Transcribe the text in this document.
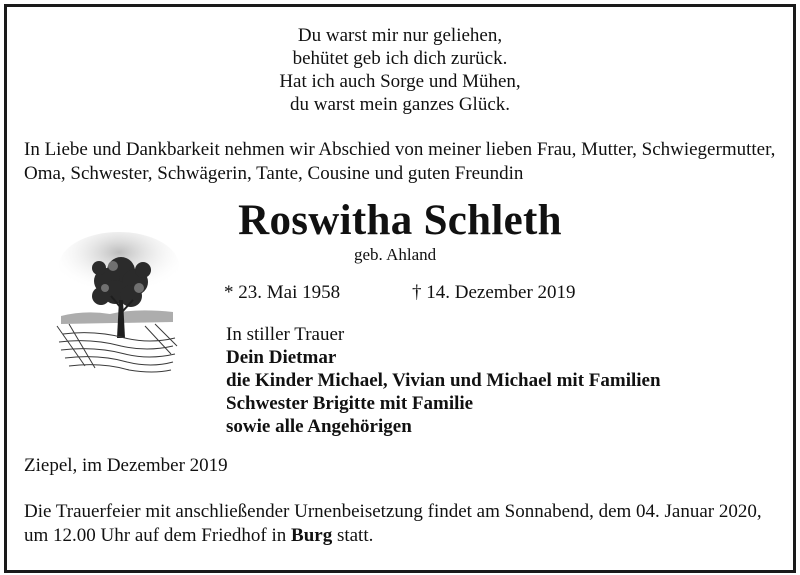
Du warst mir nur geliehen,
behütet geb ich dich zurück.
Hat ich auch Sorge und Mühen,
du warst mein ganzes Glück.
In Liebe und Dankbarkeit nehmen wir Abschied von meiner lieben Frau, Mutter, Schwiegermutter,
Oma, Schwester, Schwägerin, Tante, Cousine und guten Freundin
Roswitha Schleth
geb. Ahland
* 23. Mai 1958	† 14. Dezember 2019
In stiller Trauer
Dein Dietmar
die Kinder Michael, Vivian und Michael mit Familien
Schwester Brigitte mit Familie
sowie alle Angehörigen
Ziepel, im Dezember 2019
Die Trauerfeier mit anschließender Urnenbeisetzung findet am Sonnabend, dem 04. Januar 2020,
um 12.00 Uhr auf dem Friedhof in Burg statt.
